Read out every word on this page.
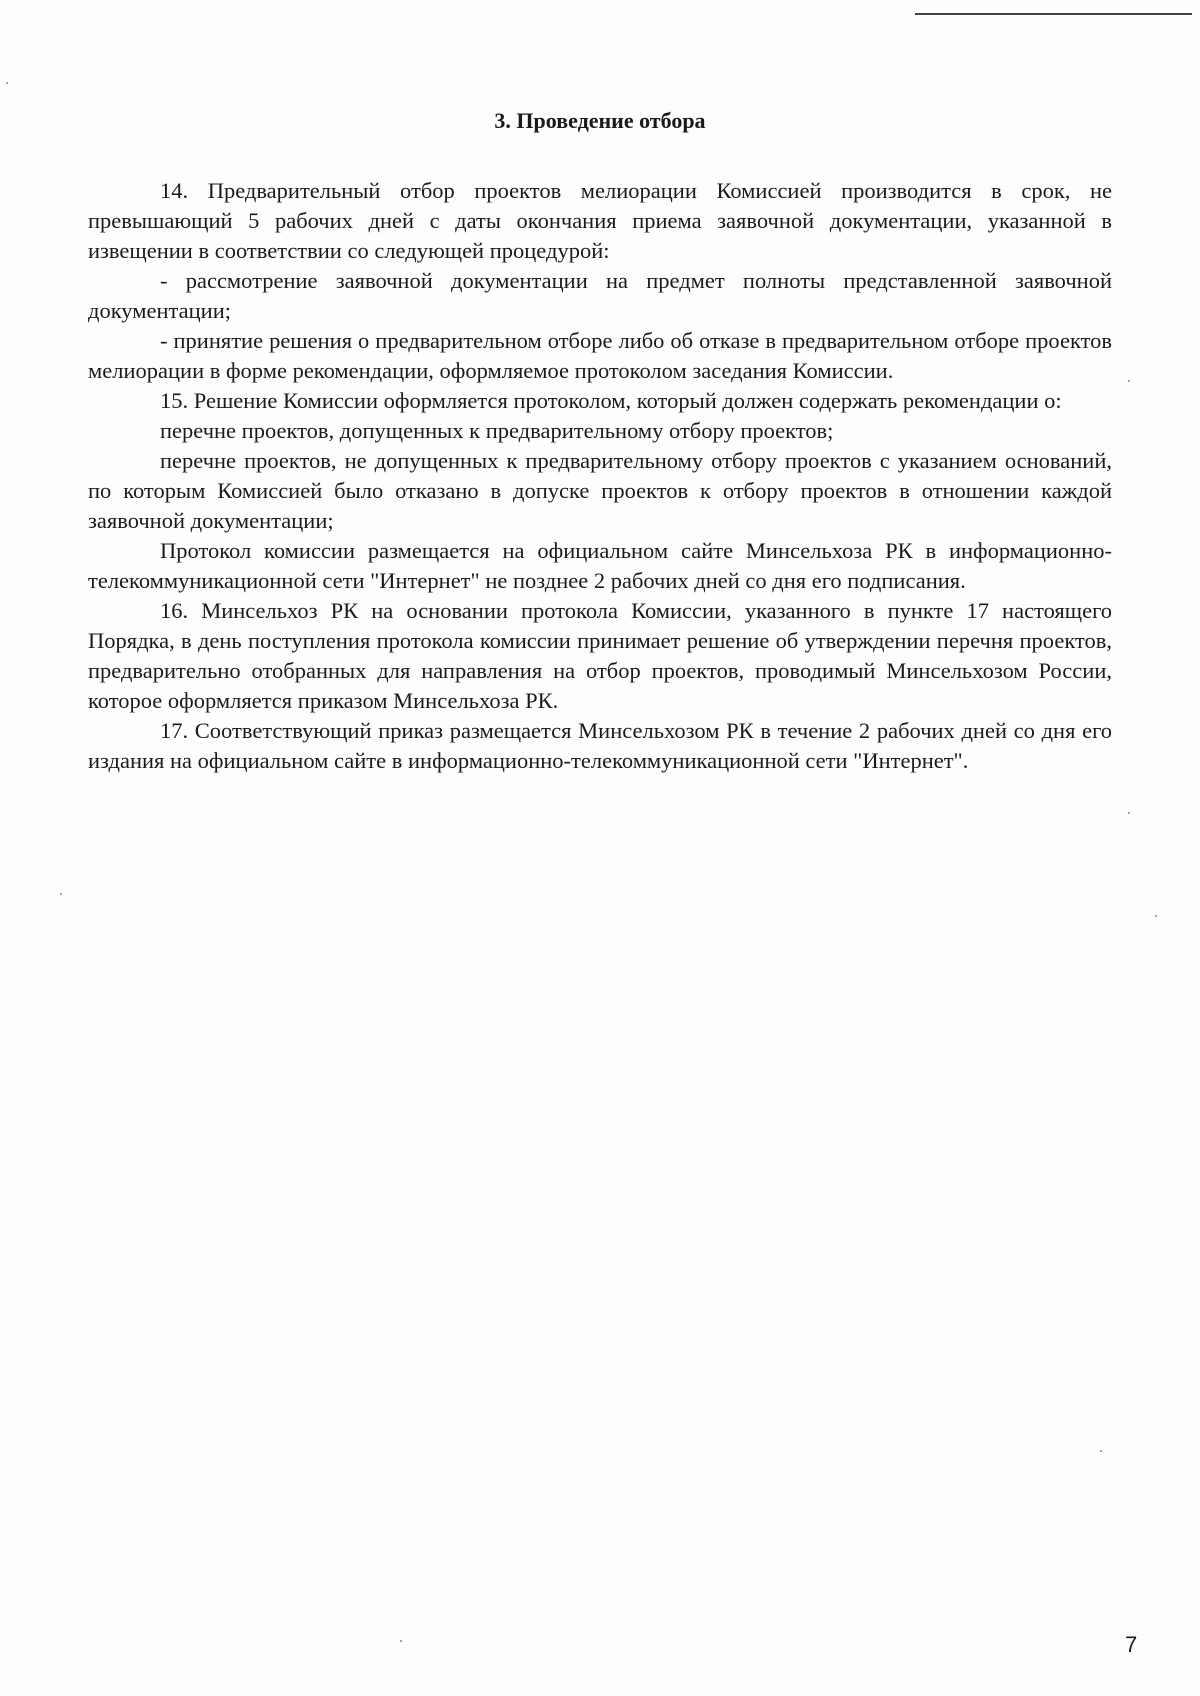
3. Проведение отбора

14. Предварительный отбор проектов мелиорации Комиссией производится в срок, не превышающий 5 рабочих дней с даты окончания приема заявочной документации, указанной в извещении в соответствии со следующей процедурой:

- рассмотрение заявочной документации на предмет полноты представленной заявочной документации;

- принятие решения о предварительном отборе либо об отказе в предварительном отборе проектов мелиорации в форме рекомендации, оформляемое протоколом заседания Комиссии.

15. Решение Комиссии оформляется протоколом, который должен содержать рекомендации о:

перечне проектов, допущенных к предварительному отбору проектов;

перечне проектов, не допущенных к предварительному отбору проектов с указанием оснований, по которым Комиссией было отказано в допуске проектов к отбору проектов в отношении каждой заявочной документации;

Протокол комиссии размещается на официальном сайте Минсельхоза РК в информационно-телекоммуникационной сети "Интернет" не позднее 2 рабочих дней со дня его подписания.

16. Минсельхоз РК на основании протокола Комиссии, указанного в пункте 17 настоящего Порядка, в день поступления протокола комиссии принимает решение об утверждении перечня проектов, предварительно отобранных для направления на отбор проектов, проводимый Минсельхозом России, которое оформляется приказом Минсельхоза РК.

17. Соответствующий приказ размещается Минсельхозом РК в течение 2 рабочих дней со дня его издания на официальном сайте в информационно-телекоммуникационной сети "Интернет".

7
